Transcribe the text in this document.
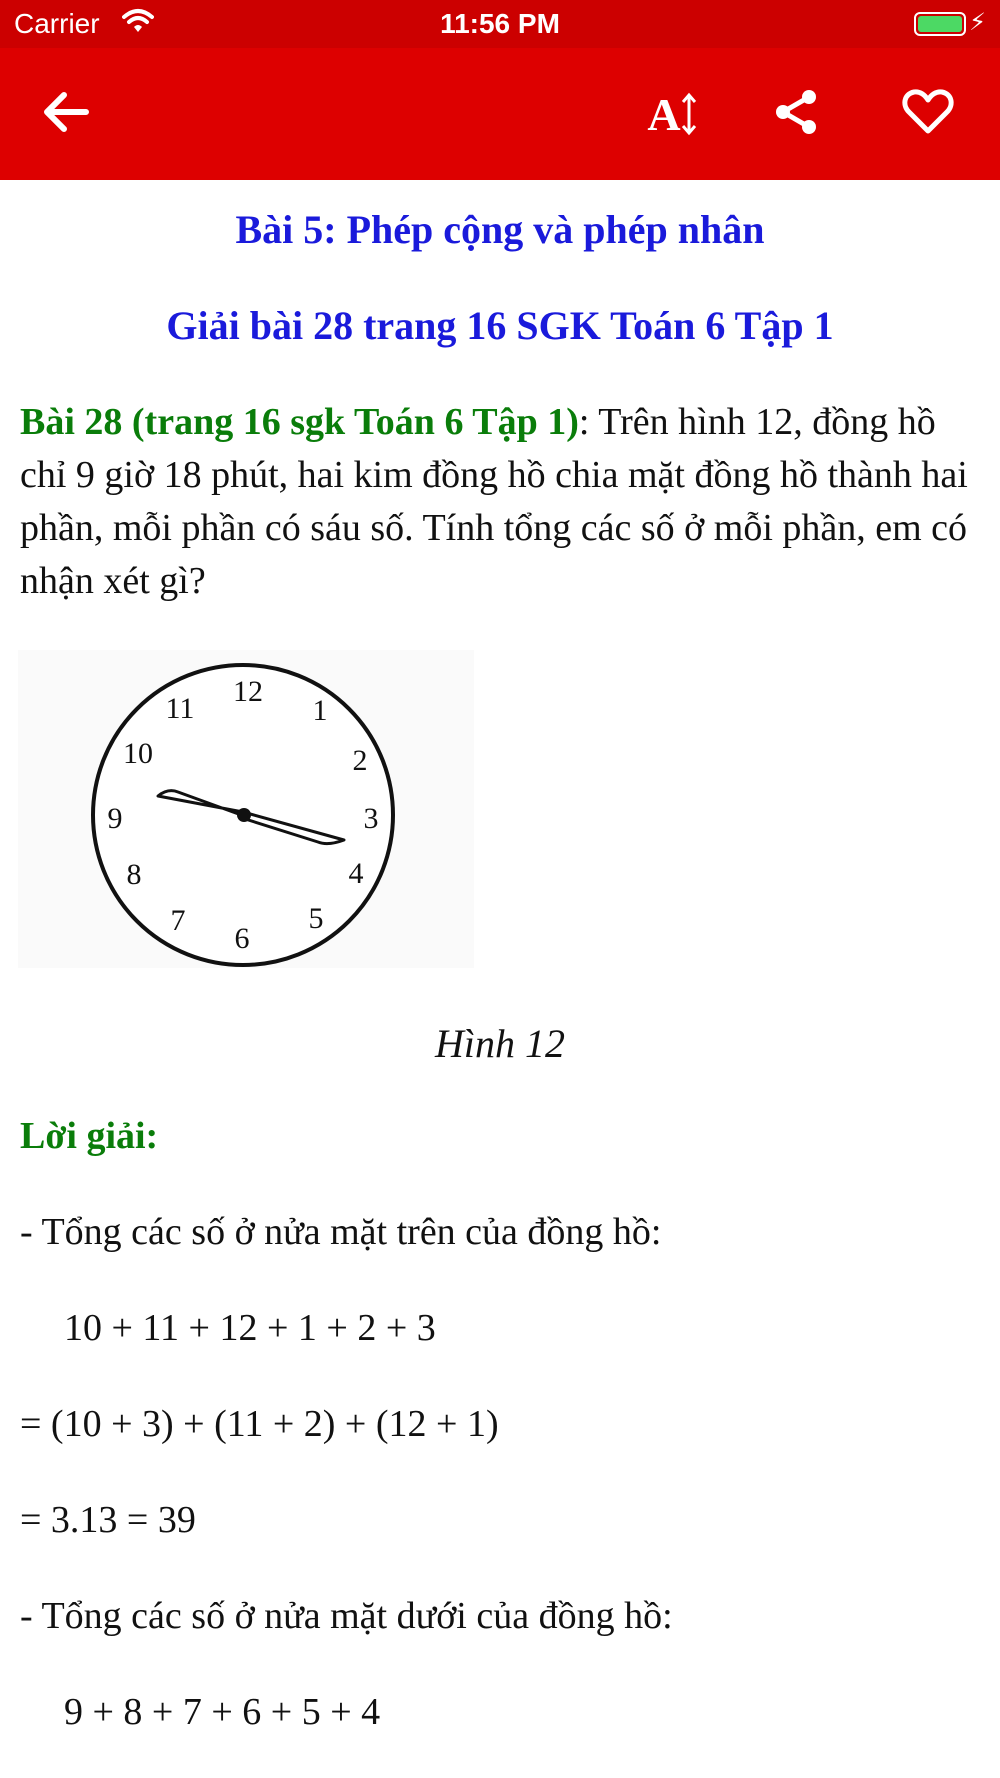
Carrier	11:56 PM	⚡
A
Bài 5: Phép cộng và phép nhân
Giải bài 28 trang 16 SGK Toán 6 Tập 1
Bài 28 (trang 16 sgk Toán 6 Tập 1): Trên hình 12, đồng hồ chỉ 9 giờ 18 phút, hai kim đồng hồ chia mặt đồng hồ thành hai phần, mỗi phần có sáu số. Tính tổng các số ở mỗi phần, em có nhận xét gì?
12
1
2
3
4
5
6
7
8
9
10
11
Hình 12
Lời giải:
- Tổng các số ở nửa mặt trên của đồng hồ:
10 + 11 + 12 + 1 + 2 + 3
= (10 + 3) + (11 + 2) + (12 + 1)
= 3.13 = 39
- Tổng các số ở nửa mặt dưới của đồng hồ:
9 + 8 + 7 + 6 + 5 + 4
